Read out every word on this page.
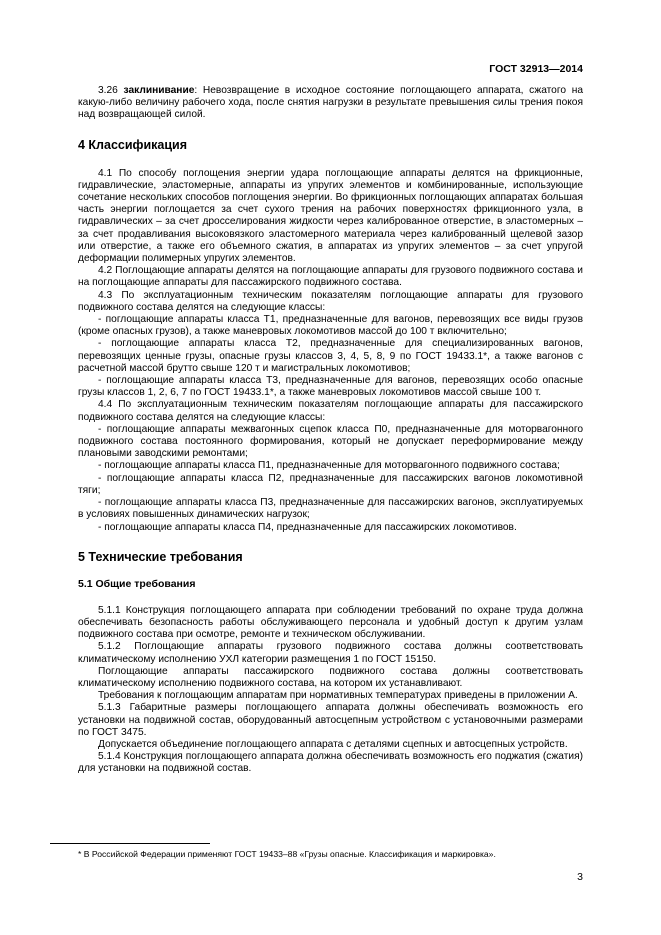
ГОСТ 32913—2014

3.26 заклинивание: Невозвращение в исходное состояние поглощающего аппарата, сжатого на какую-либо величину рабочего хода, после снятия нагрузки в результате превышения силы трения покоя над возвращающей силой.

4 Классификация

4.1 По способу поглощения энергии удара поглощающие аппараты делятся на фрикционные, гидравлические, эластомерные, аппараты из упругих элементов и комбинированные, использующие сочетание нескольких способов поглощения энергии. Во фрикционных поглощающих аппаратах большая часть энергии поглощается за счет сухого трения на рабочих поверхностях фрикционного узла, в гидравлических – за счет дросселирования жидкости через калиброванное отверстие, в эластомерных – за счет продавливания высоковязкого эластомерного материала через калиброванный щелевой зазор или отверстие, а также его объемного сжатия, в аппаратах из упругих элементов – за счет упругой деформации полимерных упругих элементов.

4.2 Поглощающие аппараты делятся на поглощающие аппараты для грузового подвижного состава и на поглощающие аппараты для пассажирского подвижного состава.

4.3 По эксплуатационным техническим показателям поглощающие аппараты для грузового подвижного состава делятся на следующие классы:

- поглощающие аппараты класса Т1, предназначенные для вагонов, перевозящих все виды грузов (кроме опасных грузов), а также маневровых локомотивов массой до 100 т включительно;

- поглощающие аппараты класса Т2, предназначенные для специализированных вагонов, перевозящих ценные грузы, опасные грузы классов 3, 4, 5, 8, 9 по ГОСТ 19433.1*, а также вагонов с расчетной массой брутто свыше 120 т и магистральных локомотивов;

- поглощающие аппараты класса Т3, предназначенные для вагонов, перевозящих особо опасные грузы классов 1, 2, 6, 7 по ГОСТ 19433.1*, а также маневровых локомотивов массой свыше 100 т.

4.4 По эксплуатационным техническим показателям поглощающие аппараты для пассажирского подвижного состава делятся на следующие классы:

- поглощающие аппараты межвагонных сцепок класса П0, предназначенные для моторвагонного подвижного состава постоянного формирования, который не допускает переформирование между плановыми заводскими ремонтами;

- поглощающие аппараты класса П1, предназначенные для моторвагонного подвижного состава;

- поглощающие аппараты класса П2, предназначенные для пассажирских вагонов локомотивной тяги;

- поглощающие аппараты класса П3, предназначенные для пассажирских вагонов, эксплуатируемых в условиях повышенных динамических нагрузок;

- поглощающие аппараты класса П4, предназначенные для пассажирских локомотивов.

5 Технические требования
5.1 Общие требования

5.1.1 Конструкция поглощающего аппарата при соблюдении требований по охране труда должна обеспечивать безопасность работы обслуживающего персонала и удобный доступ к другим узлам подвижного состава при осмотре, ремонте и техническом обслуживании.

5.1.2 Поглощающие аппараты грузового подвижного состава должны соответствовать климатическому исполнению УХЛ категории размещения 1 по ГОСТ 15150.

Поглощающие аппараты пассажирского подвижного состава должны соответствовать климатическому исполнению подвижного состава, на котором их устанавливают.

Требования к поглощающим аппаратам при нормативных температурах приведены в приложении А.

5.1.3 Габаритные размеры поглощающего аппарата должны обеспечивать возможность его установки на подвижной состав, оборудованный автосцепным устройством с установочными размерами по ГОСТ 3475.

Допускается объединение поглощающего аппарата с деталями сцепных и автосцепных устройств.

5.1.4 Конструкция поглощающего аппарата должна обеспечивать возможность его поджатия (сжатия) для установки на подвижной состав.

* В Российской Федерации применяют ГОСТ 19433–88 «Грузы опасные. Классификация и маркировка».
3
